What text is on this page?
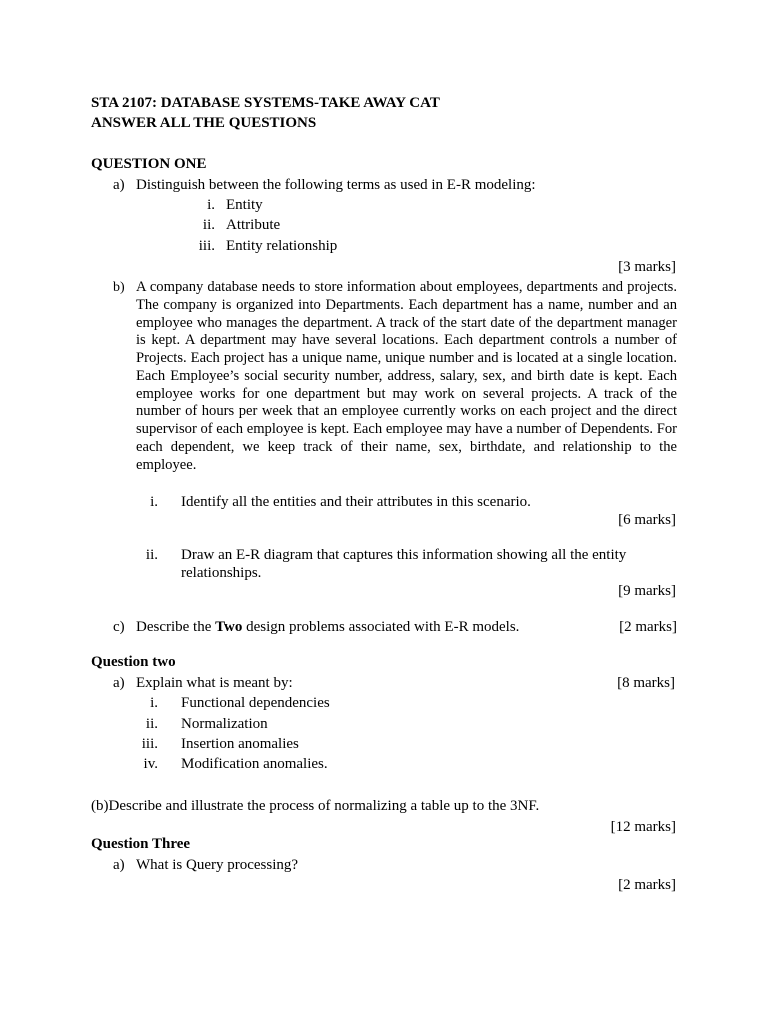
STA 2107: DATABASE SYSTEMS-TAKE AWAY CAT
ANSWER ALL THE QUESTIONS
QUESTION ONE
a) Distinguish between the following terms as used in E-R modeling:
i. Entity
ii. Attribute
iii. Entity relationship
[3 marks]
b) A company database needs to store information about employees, departments and projects. The company is organized into Departments. Each department has a name, number and an employee who manages the department. A track of the start date of the department manager is kept. A department may have several locations. Each department controls a number of Projects. Each project has a unique name, unique number and is located at a single location. Each Employee’s social security number, address, salary, sex, and birth date is kept. Each employee works for one department but may work on several projects. A track of the number of hours per week that an employee currently works on each project and the direct supervisor of each employee is kept. Each employee may have a number of Dependents. For each dependent, we keep track of their name, sex, birthdate, and relationship to the employee.
i. Identify all the entities and their attributes in this scenario.
[6 marks]
ii. Draw an E-R diagram that captures this information showing all the entity
relationships.
[9 marks]
c) Describe the Two design problems associated with E-R models.	[2 marks]
Question two
a) Explain what is meant by:	[8 marks]
i. Functional dependencies
ii. Normalization
iii. Insertion anomalies
iv. Modification anomalies.
(b)Describe and illustrate the process of normalizing a table up to the 3NF.
[12 marks]
Question Three
a) What is Query processing?
[2 marks]
